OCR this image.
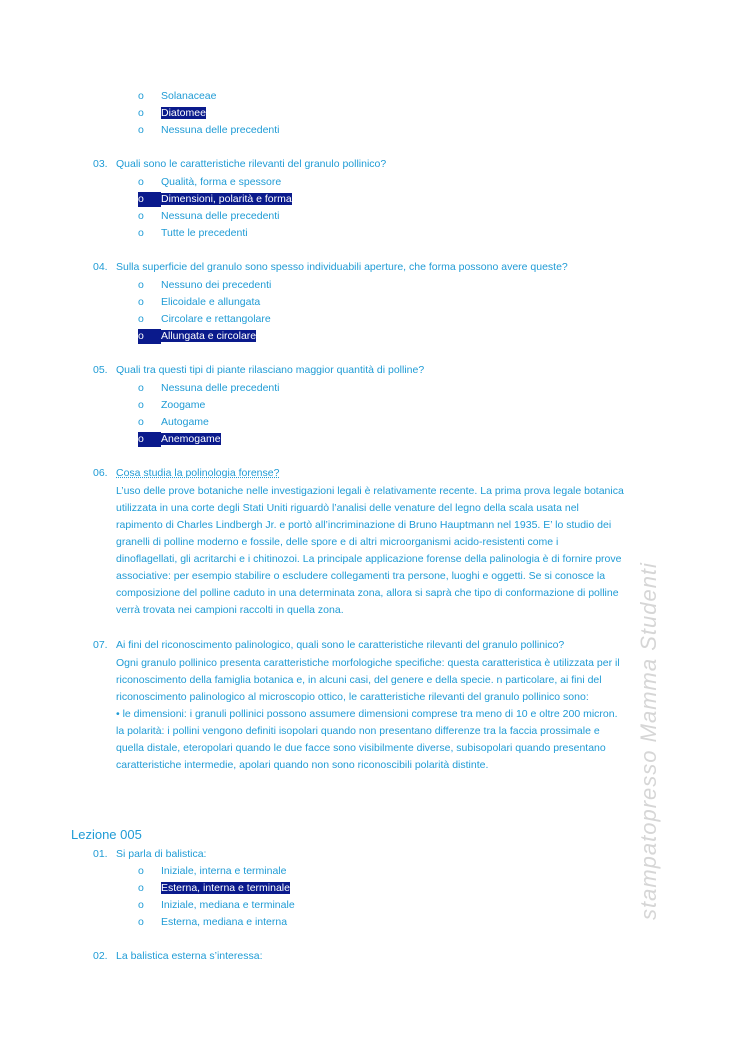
o Solanaceae
o Diatomee
o Nessuna delle precedenti
03. Quali sono le caratteristiche rilevanti del granulo pollinico?
o Qualità, forma e spessore
o Dimensioni, polarità e forma
o Nessuna delle precedenti
o Tutte le precedenti
04. Sulla superficie del granulo sono spesso individuabili aperture, che forma possono avere queste?
o Nessuno dei precedenti
o Elicoidale e allungata
o Circolare e rettangolare
o Allungata e circolare
05. Quali tra questi tipi di piante rilasciano maggior quantità di polline?
o Nessuna delle precedenti
o Zoogame
o Autogame
o Anemogame
06. Cosa studia la polinologia forense?
L’uso delle prove botaniche nelle investigazioni legali è relativamente recente. La prima prova legale botanica
utilizzata in una corte degli Stati Uniti riguardò l’analisi delle venature del legno della scala usata nel
rapimento di Charles Lindbergh Jr. e portò all’incriminazione di Bruno Hauptmann nel 1935. E’ lo studio dei
granelli di polline moderno e fossile, delle spore e di altri microorganismi acido-resistenti come i
dinoflagellati, gli acritarchi e i chitinozoi. La principale applicazione forense della palinologia è di fornire prove
associative: per esempio stabilire o escludere collegamenti tra persone, luoghi e oggetti. Se si conosce la
composizione del polline caduto in una determinata zona, allora si saprà che tipo di conformazione di polline
verrà trovata nei campioni raccolti in quella zona.
07. Ai fini del riconoscimento palinologico, quali sono le caratteristiche rilevanti del granulo pollinico?
Ogni granulo pollinico presenta caratteristiche morfologiche specifiche: questa caratteristica è utilizzata per il
riconoscimento della famiglia botanica e, in alcuni casi, del genere e della specie. n particolare, ai fini del
riconoscimento palinologico al microscopio ottico, le caratteristiche rilevanti del granulo pollinico sono:
• le dimensioni: i granuli pollinici possono assumere dimensioni comprese tra meno di 10 e oltre 200 micron.
la polarità: i pollini vengono definiti isopolari quando non presentano differenze tra la faccia prossimale e
quella distale, eteropolari quando le due facce sono visibilmente diverse, subisopolari quando presentano
caratteristiche intermedie, apolari quando non sono riconoscibili polarità distinte.
Lezione 005
01. Si parla di balistica:
o Iniziale, interna e terminale
o Esterna, interna e terminale
o Iniziale, mediana e terminale
o Esterna, mediana e interna
02. La balistica esterna s’interessa:
stampatopresso Mamma Studenti
